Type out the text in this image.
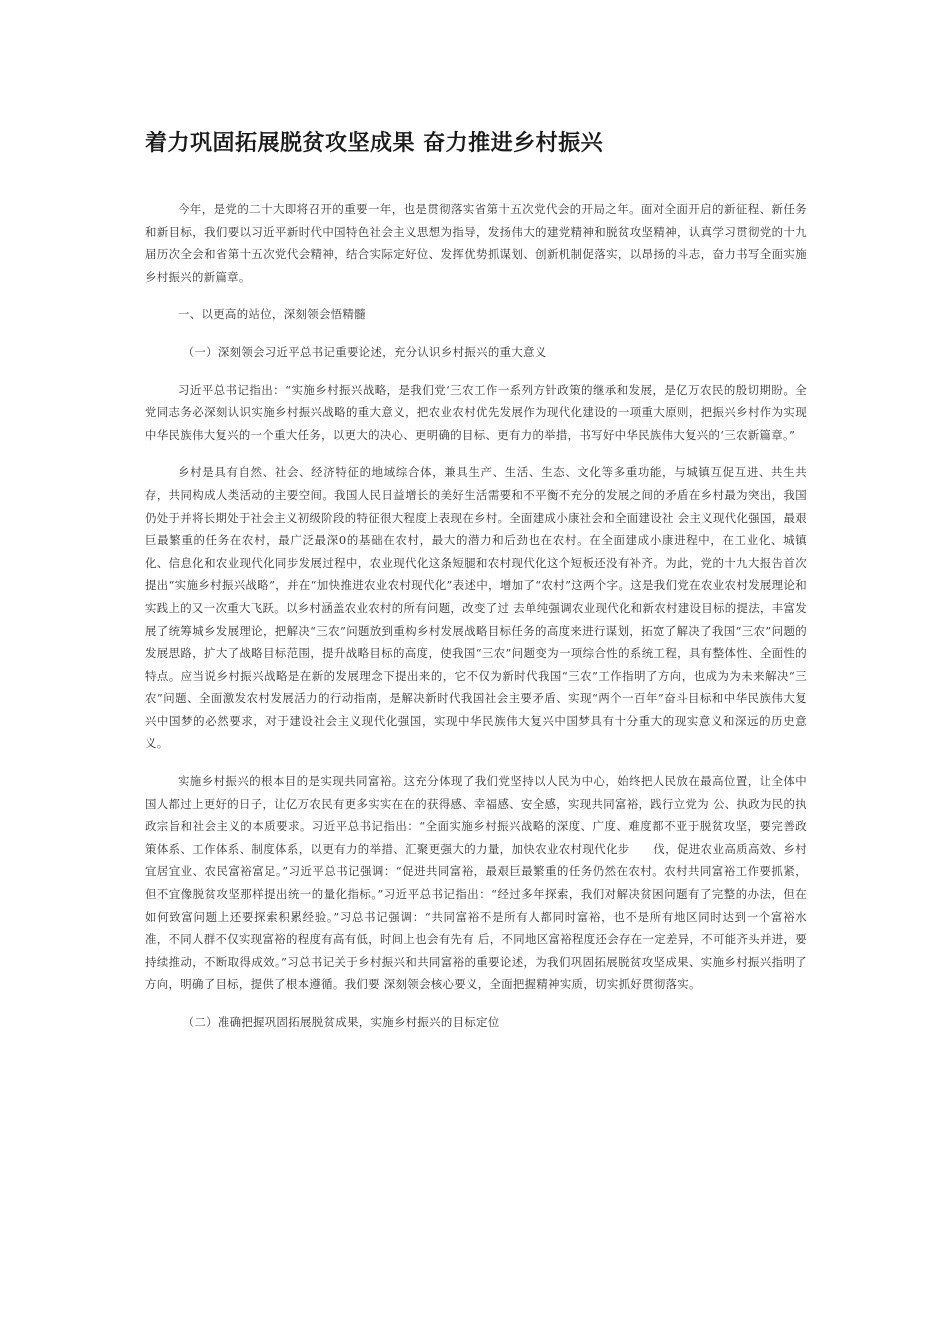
着力巩固拓展脱贫攻坚成果 奋力推进乡村振兴

今年，是党的二十大即将召开的重要一年，也是贯彻落实省第十五次党代会的开局之年。面对全面开启的新征程、新任务和新目标，我们要以习近平新时代中国特色社会主义思想为指导，发扬伟大的建党精神和脱贫攻坚精神，认真学习贯彻党的十九届历次全会和省第十五次党代会精神，结合实际定好位、发挥优势抓谋划、创新机制促落实，以昂扬的斗志，奋力书写全面实施乡村振兴的新篇章。

一、以更高的站位，深刻领会悟精髓

（一）深刻领会习近平总书记重要论述，充分认识乡村振兴的重大意义

习近平总书记指出：“实施乡村振兴战略，是我们党‘三农工作一系列方针政策的继承和发展，是亿万农民的殷切期盼。全党同志务必深刻认识实施乡村振兴战略的重大意义，把农业农村优先发展作为现代化建设的一项重大原则，把振兴乡村作为实现中华民族伟大复兴的一个重大任务，以更大的决心、更明确的目标、更有力的举措，书写好中华民族伟大复兴的‘三农新篇章。”

乡村是具有自然、社会、经济特征的地域综合体，兼具生产、生活、生态、文化等多重功能，与城镇互促互进、共生共存，共同构成人类活动的主要空间。我国人民日益增长的美好生活需要和不平衡不充分的发展之间的矛盾在乡村最为突出，我国仍处于并将长期处于社会主义初级阶段的特征很大程度上表现在乡村。全面建成小康社会和全面建设社 会主义现代化强国，最艰巨最繁重的任务在农村，最广泛最深0的基础在农村，最大的潜力和后劲也在农村。在全面建成小康进程中，在工业化、城镇化、信息化和农业现代化同步发展过程中，农业现代化这条短腿和农村现代化这个短板还没有补齐。为此，党的十九大报告首次提出“实施乡村振兴战略”，并在“加快推进农业农村现代化”表述中，增加了“农村”这两个字。这是我们党在农业农村发展理论和实践上的又一次重大飞跃。以乡村涵盖农业农村的所有问题，改变了过 去单纯强调农业现代化和新农村建设目标的提法，丰富发展了统筹城乡发展理论，把解决“三农”问题放到重构乡村发展战略目标任务的高度来进行谋划，拓宽了解决了我国“三农”问题的发展思路，扩大了战略目标范围，提升战略目标的高度，使我国“三农”问题变为一项综合性的系统工程，具有整体性、全面性的特点。应当说乡村振兴战略是在新的发展理念下提出来的，它不仅为新时代我国“三农”工作指明了方向，也成为为未来解决“三农”问题、全面激发农村发展活力的行动指南，是解决新时代我国社会主要矛盾、实现“两个一百年”奋斗目标和中华民族伟大复兴中国梦的必然要求，对于建设社会主义现代化强国，实现中华民族伟大复兴中国梦具有十分重大的现实意义和深远的历史意义。

实施乡村振兴的根本目的是实现共同富裕。这充分体现了我们党坚持以人民为中心，始终把人民放在最高位置，让全体中国人都过上更好的日子，让亿万农民有更多实实在在的获得感、幸福感、安全感，实现共同富裕，践行立党为 公、执政为民的执政宗旨和社会主义的本质要求。习近平总书记指出：“全面实施乡村振兴战略的深度、广度、难度都不亚于脱贫攻坚，要完善政策体系、工作体系、制度体系，以更有力的举措、汇聚更强大的力量，加快农业农村现代化步　　伐，促进农业高质高效、乡村宜居宜业、农民富裕富足。”习近平总书记强调：“促进共同富裕，最艰巨最繁重的任务仍然在农村。农村共同富裕工作要抓紧，但不宜像脱贫攻坚那样提出统一的量化指标。”习近平总书记指出：“经过多年探索，我们对解决贫困问题有了完整的办法，但在如何致富问题上还要探索积累经验。”习总书记强调：“共同富裕不是所有人都同时富裕，也不是所有地区同时达到一个富裕水准，不同人群不仅实现富裕的程度有高有低，时间上也会有先有 后，不同地区富裕程度还会存在一定差异，不可能齐头并进，要持续推动，不断取得成效。”习总书记关于乡村振兴和共同富裕的重要论述，为我们巩固拓展脱贫攻坚成果、实施乡村振兴指明了方向，明确了目标，提供了根本遵循。我们要 深刻领会核心要义，全面把握精神实质，切实抓好贯彻落实。

（二）准确把握巩固拓展脱贫成果，实施乡村振兴的目标定位
